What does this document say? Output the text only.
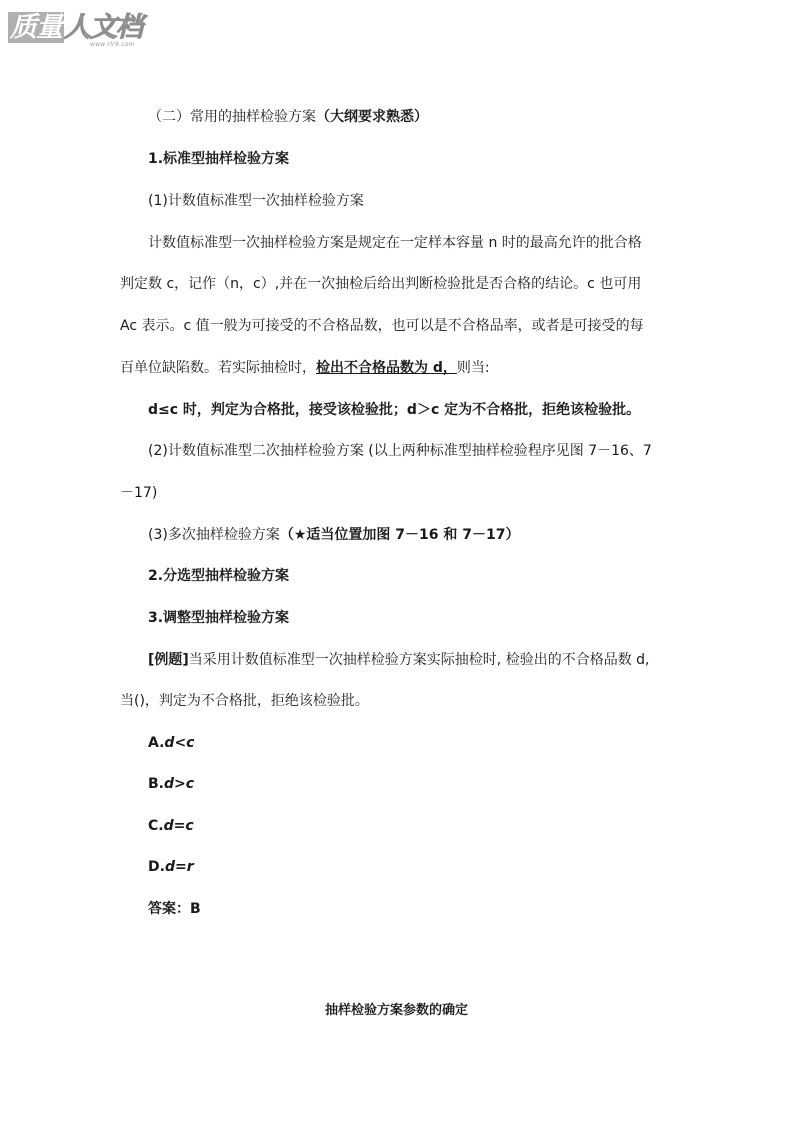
质量人文档
www.rlr9.com
（二）常用的抽样检验方案（大纲要求熟悉）
1.标准型抽样检验方案
(1)计数值标准型一次抽样检验方案
计数值标准型一次抽样检验方案是规定在一定样本容量 n 时的最高允许的批合格
判定数 c，记作（n，c）,并在一次抽检后给出判断检验批是否合格的结论。c 也可用
Ac 表示。c 值一般为可接受的不合格品数，也可以是不合格品率，或者是可接受的每
百单位缺陷数。若实际抽检时，检出不合格品数为 d，则当:
d≤c 时，判定为合格批，接受该检验批；d＞c 定为不合格批，拒绝该检验批。
(2)计数值标准型二次抽样检验方案 (以上两种标准型抽样检验程序见图 7－16、7
－17)
(3)多次抽样检验方案（★适当位置加图 7－16 和 7－17）
2.分选型抽样检验方案
3.调整型抽样检验方案
[例题]当采用计数值标准型一次抽样检验方案实际抽检时, 检验出的不合格品数 d,
当()，判定为不合格批，拒绝该检验批。
A.d<c
B.d>c
C.d=c
D.d=r
答案：B
抽样检验方案参数的确定
